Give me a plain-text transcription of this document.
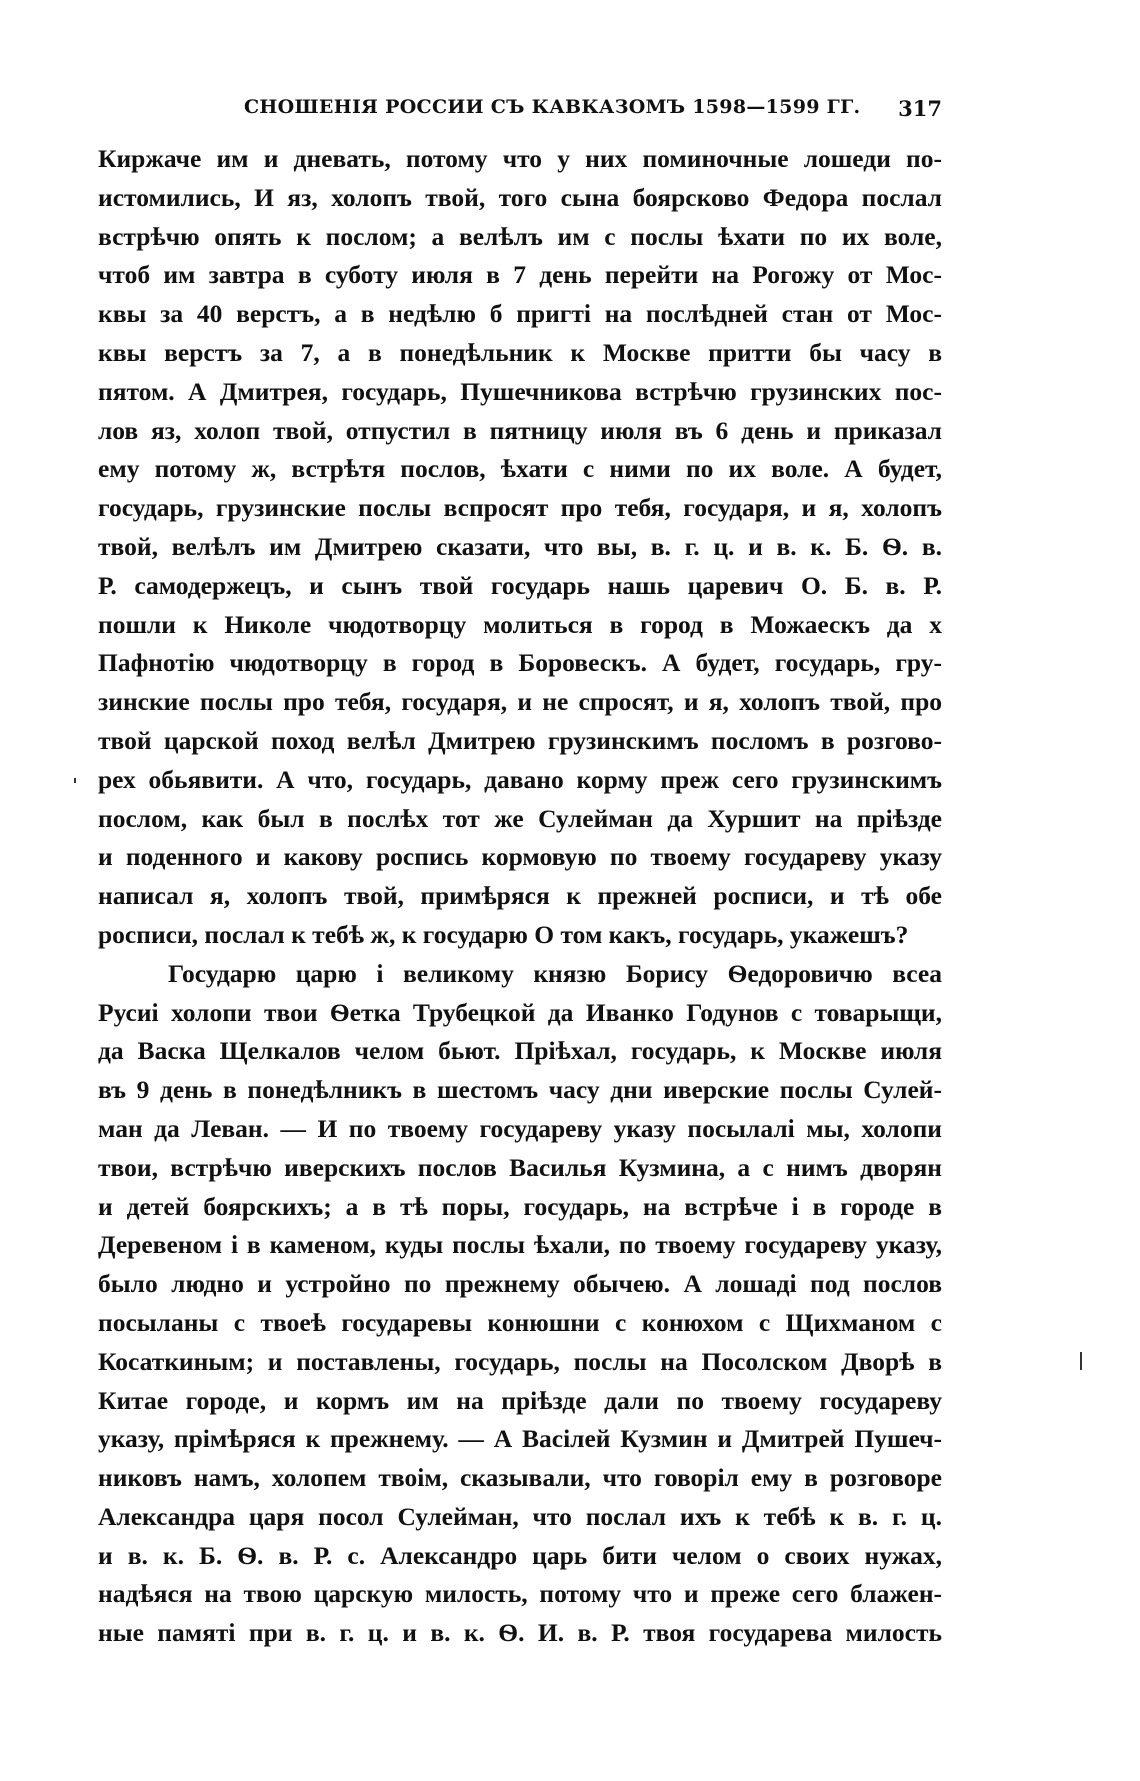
СНОШЕНІЯ РОССИИ СЪ КАВКАЗОМЪ 1598—1599 ГГ. 317
Киржаче им и дневать, потому что у них поминочные лошеди по-
истомились, И яз, холопъ твой, того сына боярсково Федора послал
встрѣчю опять к послом; а велѣлъ им с послы ѣхати по их воле,
чтоб им завтра в суботу июля в 7 день перейти на Рогожу от Мос-
квы за 40 верстъ, а в недѣлю б пригті на послѣдней стан от Мос-
квы верстъ за 7, а в понедѣльник к Москве притти бы часу в
пятом. А Дмитрея, государь, Пушечникова встрѣчю грузинских пос-
лов яз, холоп твой, отпустил в пятницу июля въ 6 день и приказал
ему потому ж, встрѣтя послов, ѣхати с ними по их воле. А будет,
государь, грузинские послы вспросят про тебя, государя, и я, холопъ
твой, велѣлъ им Дмитрею сказати, что вы, в. г. ц. и в. к. Б. Ѳ. в.
Р. самодержецъ, и сынъ твой государь нашь царевич О. Б. в. Р.
пошли к Николе чюдотворцу молиться в город в Можаескъ да х
Пафнотію чюдотворцу в город в Боровескъ. А будет, государь, гру-
зинские послы про тебя, государя, и не спросят, и я, холопъ твой, про
твой царской поход велѣл Дмитрею грузинскимъ посломъ в розгово-
рех обьявити. А что, государь, давано корму преж сего грузинскимъ
послом, как был в послѣх тот же Сулейман да Хуршит на прiѣзде
и поденного и какову роспись кормовую по твоему государеву указу
написал я, холопъ твой, примѣряся к прежней росписи, и тѣ обе
росписи, послал к тебѣ ж, к государю О том какъ, государь, укажешъ?
Государю царю і великому князю Борису Ѳедоровичю всеа
Русиі холопи твои Ѳетка Трубецкой да Иванко Годунов с товарыщи,
да Васка Щелкалов челом бьют. Прiѣхал, государь, к Москве июля
въ 9 день в понедѣлникъ в шестомъ часу дни иверские послы Сулей-
ман да Леван. — И по твоему государеву указу посылалі мы, холопи
твои, встрѣчю иверскихъ послов Василья Кузмина, а с нимъ дворян
и детей боярскихъ; а в тѣ поры, государь, на встрѣче і в городе в
Деревеном і в каменом, куды послы ѣхали, по твоему государеву указу,
было людно и устройно по прежнему обычею. А лошаді под послов
посыланы с твоеѣ государевы конюшни с конюхом с Щихманом с
Косаткиным; и поставлены, государь, послы на Посолском Дворѣ в
Китае городе, и кормъ им на прiѣзде дали по твоему государеву
указу, прiмѣряся к прежнему. — А Васiлей Кузмин и Дмитрей Пушеч-
никовъ намъ, холопем твоім, сказывали, что говорiл ему в розговоре
Александра царя посол Сулейман, что послал ихъ к тебѣ к в. г. ц.
и в. к. Б. Ѳ. в. Р. с. Александро царь бити челом о своих нужах,
надѣяся на твою царскую милость, потому что и преже сего блажен-
ные памяті при в. г. ц. и в. к. Ѳ. И. в. Р. твоя государева милость
